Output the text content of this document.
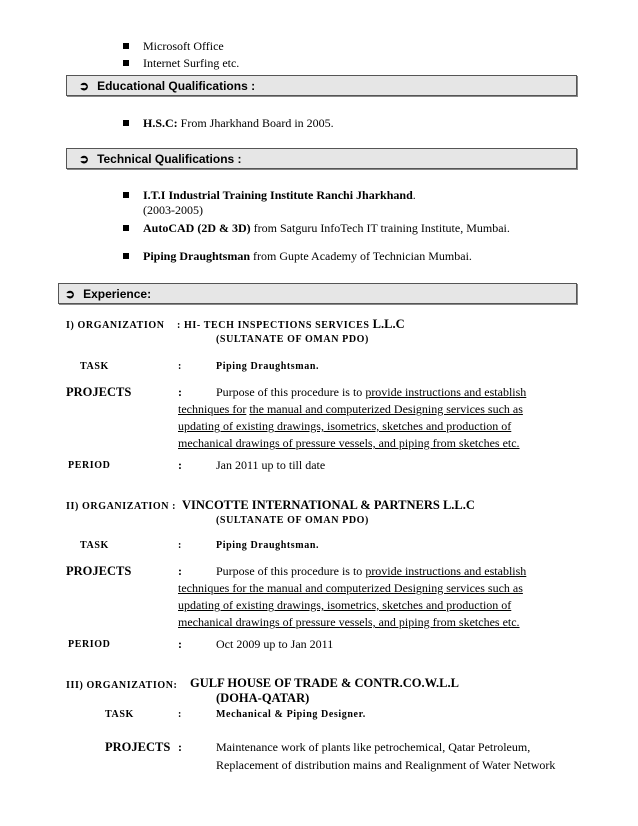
Microsoft Office
Internet Surfing etc.
➲ Educational Qualifications :
H.S.C: From Jharkhand Board in 2005.
➲ Technical Qualifications :
I.T.I Industrial Training Institute Ranchi Jharkhand.
(2003-2005)
AutoCAD (2D & 3D) from Satguru InfoTech IT training Institute, Mumbai.
Piping Draughtsman from Gupte Academy of Technician Mumbai.
➲ Experience:
I) ORGANIZATION : HI- TECH INSPECTIONS SERVICES L.L.C
(SULTANATE OF OMAN PDO)
TASK	:	Piping Draughtsman.
PROJECTS	:	Purpose of this procedure is to provide instructions and establish
techniques for the manual and computerized Designing services such as
updating of existing drawings, isometrics, sketches and production of
mechanical drawings of pressure vessels, and piping from sketches etc.
PERIOD	:	Jan 2011 up to till date
II) ORGANIZATION : VINCOTTE INTERNATIONAL & PARTNERS L.L.C
(SULTANATE OF OMAN PDO)
TASK	:	Piping Draughtsman.
PROJECTS	:	Purpose of this procedure is to provide instructions and establish
techniques for the manual and computerized Designing services such as
updating of existing drawings, isometrics, sketches and production of
mechanical drawings of pressure vessels, and piping from sketches etc.
PERIOD	:	Oct 2009 up to Jan 2011
III) ORGANIZATION: GULF HOUSE OF TRADE & CONTR.CO.W.L.L
(DOHA-QATAR)
TASK	:	Mechanical & Piping Designer.
PROJECTS :	Maintenance work of plants like petrochemical, Qatar Petroleum,
Replacement of distribution mains and Realignment of Water Network
